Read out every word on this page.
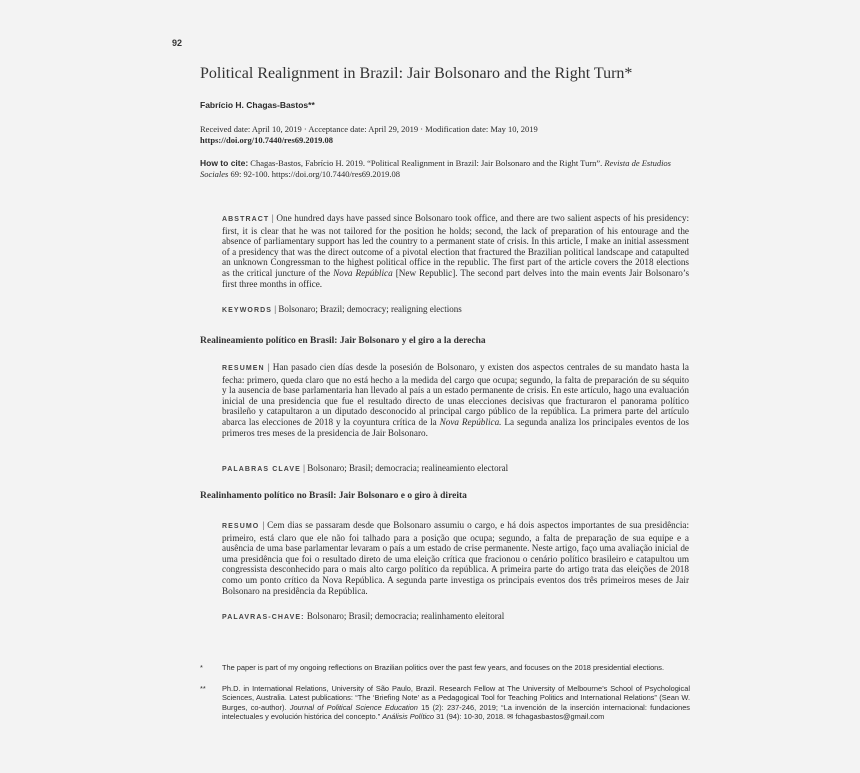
92
Political Realignment in Brazil: Jair Bolsonaro and the Right Turn*
Fabrício H. Chagas-Bastos**
Received date: April 10, 2019 · Acceptance date: April 29, 2019 · Modification date: May 10, 2019
https://doi.org/10.7440/res69.2019.08
How to cite: Chagas-Bastos, Fabrício H. 2019. “Political Realignment in Brazil: Jair Bolsonaro and the Right Turn”. Revista de Estudios Sociales 69: 92-100. https://doi.org/10.7440/res69.2019.08
ABSTRACT | One hundred days have passed since Bolsonaro took office, and there are two salient aspects of his presidency: first, it is clear that he was not tailored for the position he holds; second, the lack of preparation of his entourage and the absence of parliamentary support has led the country to a permanent state of crisis. In this article, I make an initial assessment of a presidency that was the direct outcome of a pivotal election that fractured the Brazilian political landscape and catapulted an unknown Congressman to the highest political office in the republic. The first part of the article covers the 2018 elections as the critical juncture of the Nova República [New Republic]. The second part delves into the main events Jair Bolsonaro’s first three months in office.
KEYWORDS | Bolsonaro; Brazil; democracy; realigning elections
Realineamiento político en Brasil: Jair Bolsonaro y el giro a la derecha
RESUMEN | Han pasado cien días desde la posesión de Bolsonaro, y existen dos aspectos centrales de su mandato hasta la fecha: primero, queda claro que no está hecho a la medida del cargo que ocupa; segundo, la falta de preparación de su séquito y la ausencia de base parlamentaria han llevado al país a un estado permanente de crisis. En este artículo, hago una evaluación inicial de una presidencia que fue el resultado directo de unas elecciones decisivas que fracturaron el panorama político brasileño y catapultaron a un diputado desconocido al principal cargo público de la república. La primera parte del artículo abarca las elecciones de 2018 y la coyuntura crítica de la Nova República. La segunda analiza los principales eventos de los primeros tres meses de la presidencia de Jair Bolsonaro.
PALABRAS CLAVE | Bolsonaro; Brasil; democracia; realineamiento electoral
Realinhamento político no Brasil: Jair Bolsonaro e o giro à direita
RESUMO | Cem dias se passaram desde que Bolsonaro assumiu o cargo, e há dois aspectos importantes de sua presidência: primeiro, está claro que ele não foi talhado para a posição que ocupa; segundo, a falta de preparação de sua equipe e a ausência de uma base parlamentar levaram o país a um estado de crise permanente. Neste artigo, faço uma avaliação inicial de uma presidência que foi o resultado direto de uma eleição crítica que fracionou o cenário político brasileiro e catapultou um congressista desconhecido para o mais alto cargo político da república. A primeira parte do artigo trata das eleições de 2018 como um ponto crítico da Nova República. A segunda parte investiga os principais eventos dos três primeiros meses de Jair Bolsonaro na presidência da República.
PALAVRAS-CHAVE: Bolsonaro; Brasil; democracia; realinhamento eleitoral
*	The paper is part of my ongoing reflections on Brazilian politics over the past few years, and focuses on the 2018 presidential elections.
** Ph.D. in International Relations, University of São Paulo, Brazil. Research Fellow at The University of Melbourne’s School of Psychological Sciences, Australia. Latest publications: “The ‘Briefing Note’ as a Pedagogical Tool for Teaching Politics and International Relations” (Sean W. Burges, co-author). Journal of Political Science Education 15 (2): 237-246, 2019; “La invención de la inserción internacional: fundaciones intelectuales y evolución histórica del concepto.” Análisis Político 31 (94): 10-30, 2018. ✉ fchagasbastos@gmail.com
